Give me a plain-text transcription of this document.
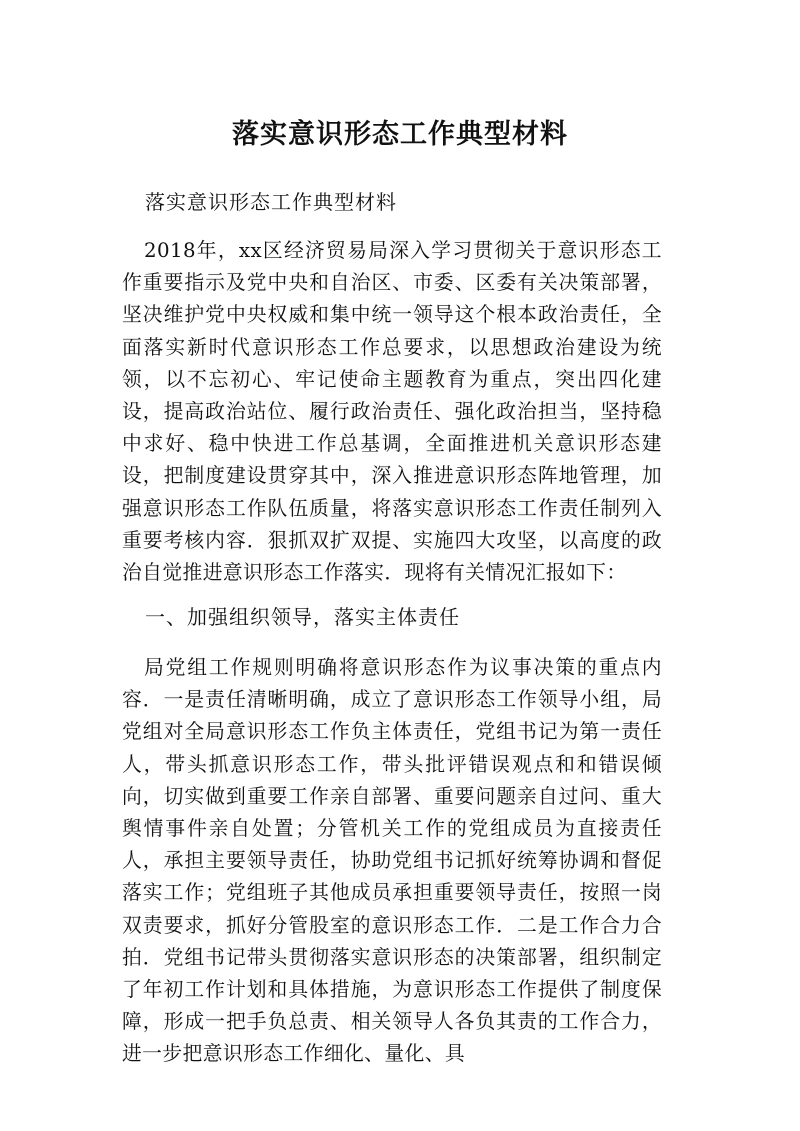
落实意识形态工作典型材料

落实意识形态工作典型材料

2018年，xx区经济贸易局深入学习贯彻关于意识形态工作重要指示及党中央和自治区、市委、区委有关决策部署，坚决维护党中央权威和集中统一领导这个根本政治责任，全面落实新时代意识形态工作总要求，以思想政治建设为统领，以不忘初心、牢记使命主题教育为重点，突出四化建设，提高政治站位、履行政治责任、强化政治担当，坚持稳中求好、稳中快进工作总基调，全面推进机关意识形态建设，把制度建设贯穿其中，深入推进意识形态阵地管理，加强意识形态工作队伍质量，将落实意识形态工作责任制列入重要考核内容．狠抓双扩双提、实施四大攻坚，以高度的政治自觉推进意识形态工作落实．现将有关情况汇报如下：

一、加强组织领导，落实主体责任

局党组工作规则明确将意识形态作为议事决策的重点内容．一是责任清晰明确，成立了意识形态工作领导小组，局党组对全局意识形态工作负主体责任，党组书记为第一责任人，带头抓意识形态工作，带头批评错误观点和和错误倾向，切实做到重要工作亲自部署、重要问题亲自过问、重大舆情事件亲自处置；分管机关工作的党组成员为直接责任人，承担主要领导责任，协助党组书记抓好统筹协调和督促落实工作；党组班子其他成员承担重要领导责任，按照一岗双责要求，抓好分管股室的意识形态工作．二是工作合力合拍．党组书记带头贯彻落实意识形态的决策部署，组织制定了年初工作计划和具体措施，为意识形态工作提供了制度保障，形成一把手负总责、相关领导人各负其责的工作合力，进一步把意识形态工作细化、量化、具
